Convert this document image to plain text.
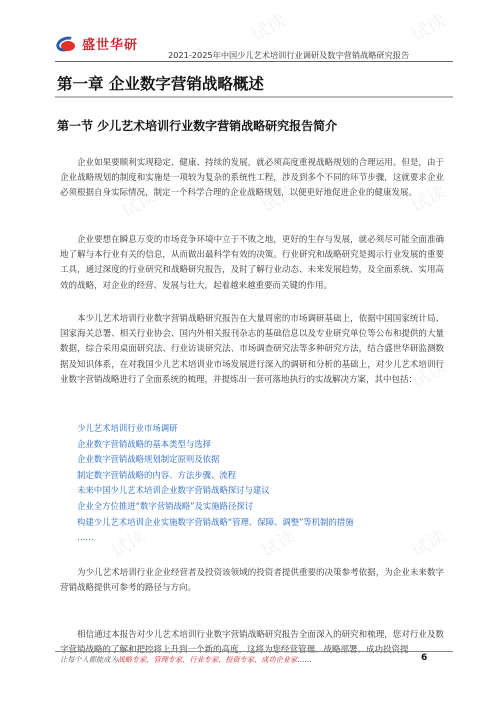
盛世华研
2021-2025年中国少儿艺术培训行业调研及数字营销战略研究报告
第一章 企业数字营销战略概述
第一节 少儿艺术培训行业数字营销战略研究报告简介

企业如果要顺利实现稳定、健康、持续的发展，就必须高度重视战略规划的合理运用。但是，由于企业战略规划的制度和实施是一项较为复杂的系统性工程，涉及到多个不同的环节步骤，这就要求企业必须根据自身实际情况，制定一个科学合理的企业战略规划，以便更好地促进企业的健康发展。

企业要想在瞬息万变的市场竞争环境中立于不败之地，更好的生存与发展，就必须尽可能全面准确地了解与本行业有关的信息，从而做出最科学有效的决策。行业研究和战略研究是揭示行业发展的重要工具，通过深度的行业研究和战略研究报告，及时了解行业动态、未来发展趋势，及全面系统、实用高效的战略，对企业的经营、发展与壮大，起着越来越重要而关键的作用。

本少儿艺术培训行业数字营销战略研究报告在大量周密的市场调研基础上，依据中国国家统计局、国家海关总署、相关行业协会、国内外相关报刊杂志的基础信息以及专业研究单位等公布和提供的大量数据，综合采用桌面研究法、行业访谈研究法、市场调查研究法等多种研究方法，结合盛世华研监测数据及知识体系，在对我国少儿艺术培训业市场发展进行深入的调研和分析的基础上，对少儿艺术培训行业数字营销战略进行了全面系统的梳理，并提炼出一套可落地执行的实战解决方案，其中包括：

少儿艺术培训行业市场调研
企业数字营销战略的基本类型与选择
企业数字营销战略规划制定原则及依据
制定数字营销战略的内容、方法步骤、流程
未来中国少儿艺术培训企业数字营销战略探讨与建议
企业全方位推进“数字营销战略”及实施路径探讨
构建少儿艺术培训企业实施数字营销战略“管理、保障、调整”等机制的措施
……

为少儿艺术培训行业企业经营者及投资该领域的投资者提供重要的决策参考依据，为企业未来数字营销战略提供可参考的路径与方向。

相信通过本报告对少儿艺术培训行业数字营销战略研究报告全面深入的研究和梳理，您对行业及数

让每个人都能成为战略专家、管理专家、行业专家、投资专家、成功企业家……	6
试读	试读
试读	试读	试读
试读	试读	试读
试读	试读	试读
